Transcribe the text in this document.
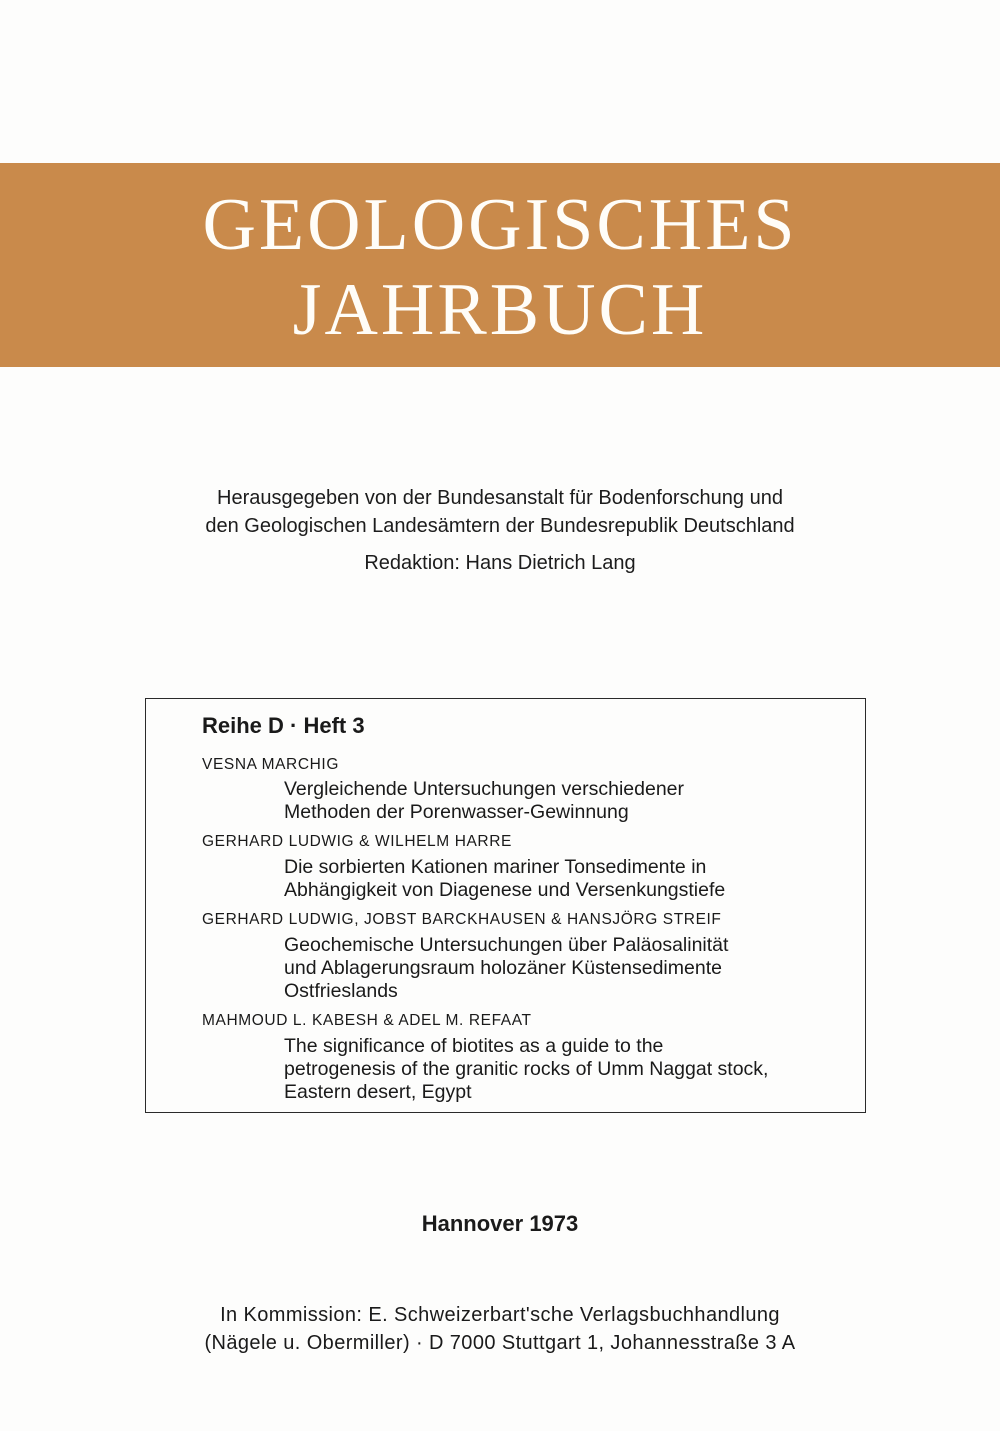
GEOLOGISCHES
JAHRBUCH
Herausgegeben von der Bundesanstalt für Bodenforschung und
den Geologischen Landesämtern der Bundesrepublik Deutschland
Redaktion: Hans Dietrich Lang
Reihe D · Heft 3
VESNA MARCHIG
Vergleichende Untersuchungen verschiedener
Methoden der Porenwasser-Gewinnung
GERHARD LUDWIG & WILHELM HARRE
Die sorbierten Kationen mariner Tonsedimente in
Abhängigkeit von Diagenese und Versenkungstiefe
GERHARD LUDWIG, JOBST BARCKHAUSEN & HANSJÖRG STREIF
Geochemische Untersuchungen über Paläosalinität
und Ablagerungsraum holozäner Küstensedimente
Ostfrieslands
MAHMOUD L. KABESH & ADEL M. REFAAT
The significance of biotites as a guide to the
petrogenesis of the granitic rocks of Umm Naggat stock,
Eastern desert, Egypt
Hannover 1973
In Kommission: E. Schweizerbart'sche Verlagsbuchhandlung
(Nägele u. Obermiller) · D 7000 Stuttgart 1, Johannesstraße 3 A
